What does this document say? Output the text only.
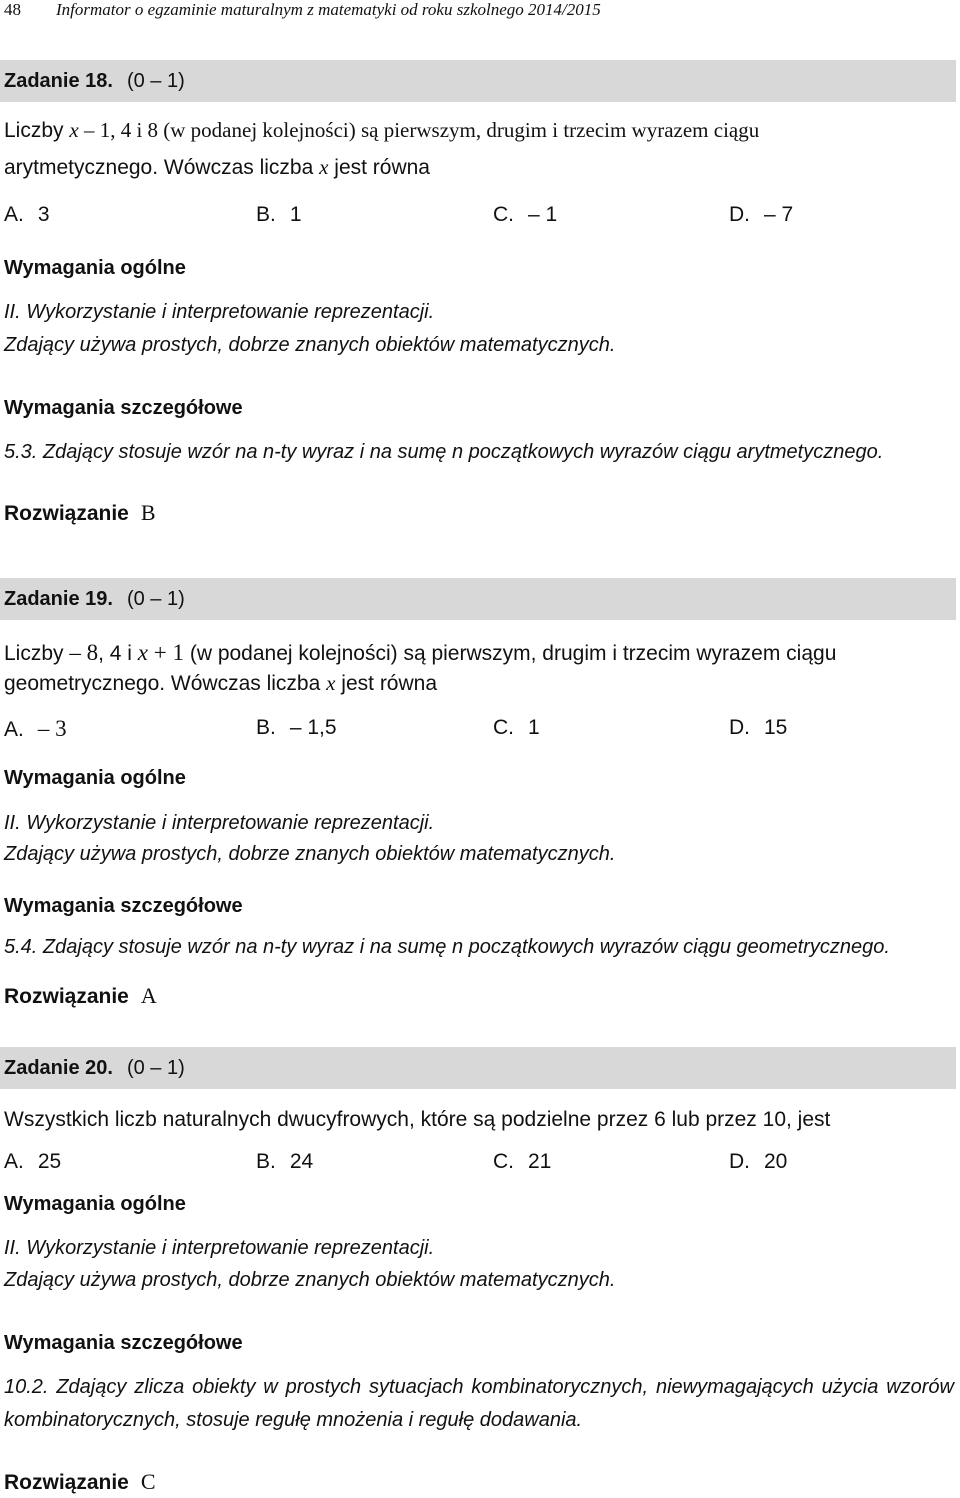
48 Informator o egzaminie maturalnym z matematyki od roku szkolnego 2014/2015
Zadanie 18. (0 – 1)
Liczby x – 1, 4 i 8 (w podanej kolejności) są pierwszym, drugim i trzecim wyrazem ciągu
arytmetycznego. Wówczas liczba x jest równa
A. 3	B. 1	C. – 1	D. – 7
Wymagania ogólne
II. Wykorzystanie i interpretowanie reprezentacji.
Zdający używa prostych, dobrze znanych obiektów matematycznych.
Wymagania szczegółowe
5.3. Zdający stosuje wzór na n-ty wyraz i na sumę n początkowych wyrazów ciągu arytmetycznego.
Rozwiązanie B
Zadanie 19. (0 – 1)
Liczby – 8, 4 i x + 1 (w podanej kolejności) są pierwszym, drugim i trzecim wyrazem ciągu
geometrycznego. Wówczas liczba x jest równa
A. – 3	B. – 1,5	C. 1	D. 15
Wymagania ogólne
II. Wykorzystanie i interpretowanie reprezentacji.
Zdający używa prostych, dobrze znanych obiektów matematycznych.
Wymagania szczegółowe
5.4. Zdający stosuje wzór na n-ty wyraz i na sumę n początkowych wyrazów ciągu geometrycznego.
Rozwiązanie A
Zadanie 20. (0 – 1)
Wszystkich liczb naturalnych dwucyfrowych, które są podzielne przez 6 lub przez 10, jest
A. 25	B. 24	C. 21	D. 20
Wymagania ogólne
II. Wykorzystanie i interpretowanie reprezentacji.
Zdający używa prostych, dobrze znanych obiektów matematycznych.
Wymagania szczegółowe
10.2. Zdający zlicza obiekty w prostych sytuacjach kombinatorycznych, niewymagających użycia wzorów kombinatorycznych, stosuje regułę mnożenia i regułę dodawania.
Rozwiązanie C
